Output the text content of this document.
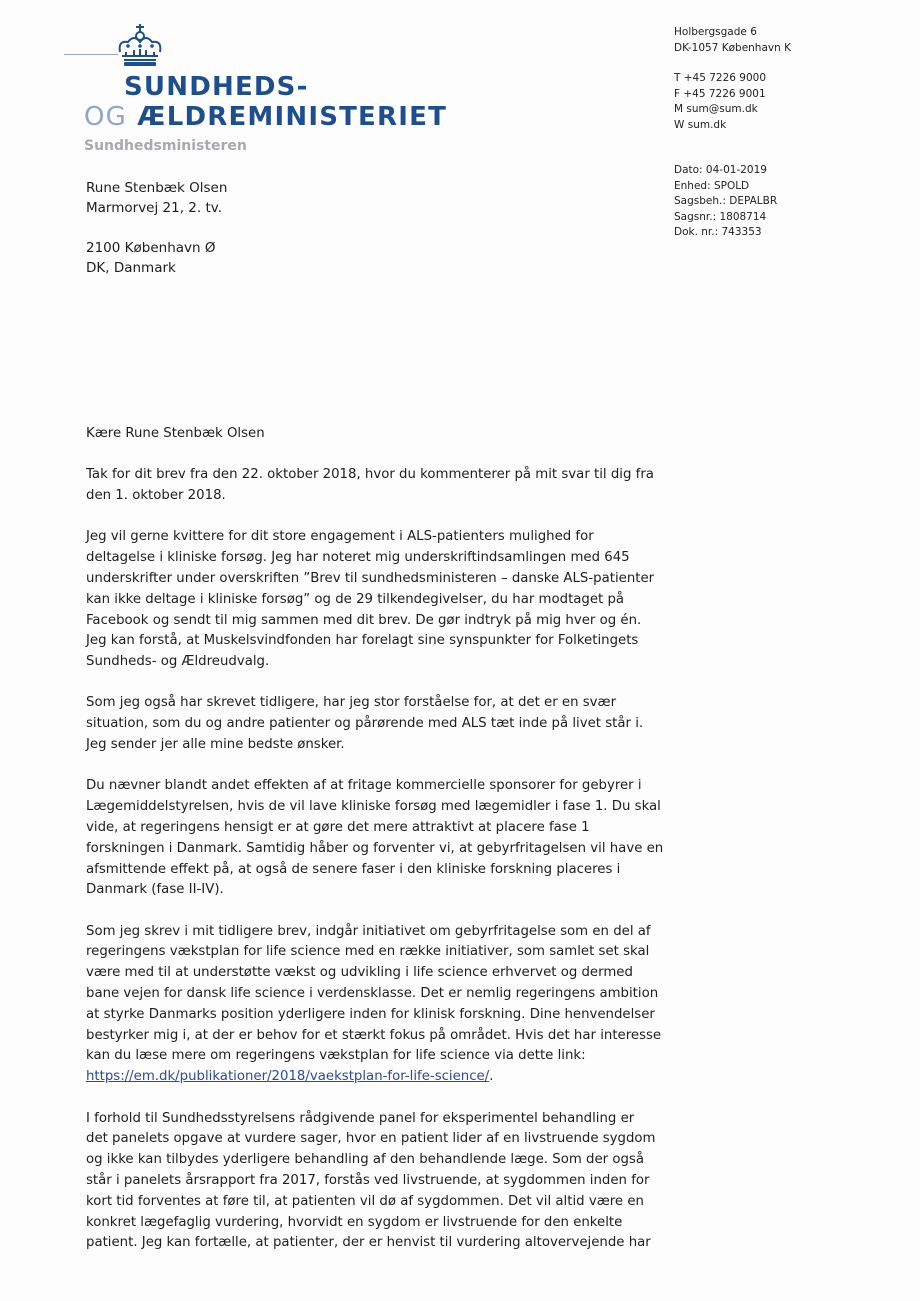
SUNDHEDS-
OG ÆLDREMINISTERIET
Sundhedsministeren
Holbergsgade 6
DK-1057 København K
T +45 7226 9000
F +45 7226 9001
M sum@sum.dk
W sum.dk
Dato: 04-01-2019
Enhed: SPOLD
Sagsbeh.: DEPALBR
Sagsnr.: 1808714
Dok. nr.: 743353
Rune Stenbæk Olsen
Marmorvej 21, 2. tv.
2100 København Ø
DK, Danmark

Kære Rune Stenbæk Olsen

Tak for dit brev fra den 22. oktober 2018, hvor du kommenterer på mit svar til dig fra
den 1. oktober 2018.

Jeg vil gerne kvittere for dit store engagement i ALS-patienters mulighed for
deltagelse i kliniske forsøg. Jeg har noteret mig underskriftindsamlingen med 645
underskrifter under overskriften ”Brev til sundhedsministeren – danske ALS-patienter
kan ikke deltage i kliniske forsøg” og de 29 tilkendegivelser, du har modtaget på
Facebook og sendt til mig sammen med dit brev. De gør indtryk på mig hver og én.
Jeg kan forstå, at Muskelsvindfonden har forelagt sine synspunkter for Folketingets
Sundheds- og Ældreudvalg.

Som jeg også har skrevet tidligere, har jeg stor forståelse for, at det er en svær
situation, som du og andre patienter og pårørende med ALS tæt inde på livet står i.
Jeg sender jer alle mine bedste ønsker.

Du nævner blandt andet effekten af at fritage kommercielle sponsorer for gebyrer i
Lægemiddelstyrelsen, hvis de vil lave kliniske forsøg med lægemidler i fase 1. Du skal
vide, at regeringens hensigt er at gøre det mere attraktivt at placere fase 1
forskningen i Danmark. Samtidig håber og forventer vi, at gebyrfritagelsen vil have en
afsmittende effekt på, at også de senere faser i den kliniske forskning placeres i
Danmark (fase II-IV).

Som jeg skrev i mit tidligere brev, indgår initiativet om gebyrfritagelse som en del af
regeringens vækstplan for life science med en række initiativer, som samlet set skal
være med til at understøtte vækst og udvikling i life science erhvervet og dermed
bane vejen for dansk life science i verdensklasse. Det er nemlig regeringens ambition
at styrke Danmarks position yderligere inden for klinisk forskning. Dine henvendelser
bestyrker mig i, at der er behov for et stærkt fokus på området. Hvis det har interesse
kan du læse mere om regeringens vækstplan for life science via dette link:
https://em.dk/publikationer/2018/vaekstplan-for-life-science/.

I forhold til Sundhedsstyrelsens rådgivende panel for eksperimentel behandling er
det panelets opgave at vurdere sager, hvor en patient lider af en livstruende sygdom
og ikke kan tilbydes yderligere behandling af den behandlende læge. Som der også
står i panelets årsrapport fra 2017, forstås ved livstruende, at sygdommen inden for
kort tid forventes at føre til, at patienten vil dø af sygdommen. Det vil altid være en
konkret lægefaglig vurdering, hvorvidt en sygdom er livstruende for den enkelte
patient. Jeg kan fortælle, at patienter, der er henvist til vurdering altovervejende har
